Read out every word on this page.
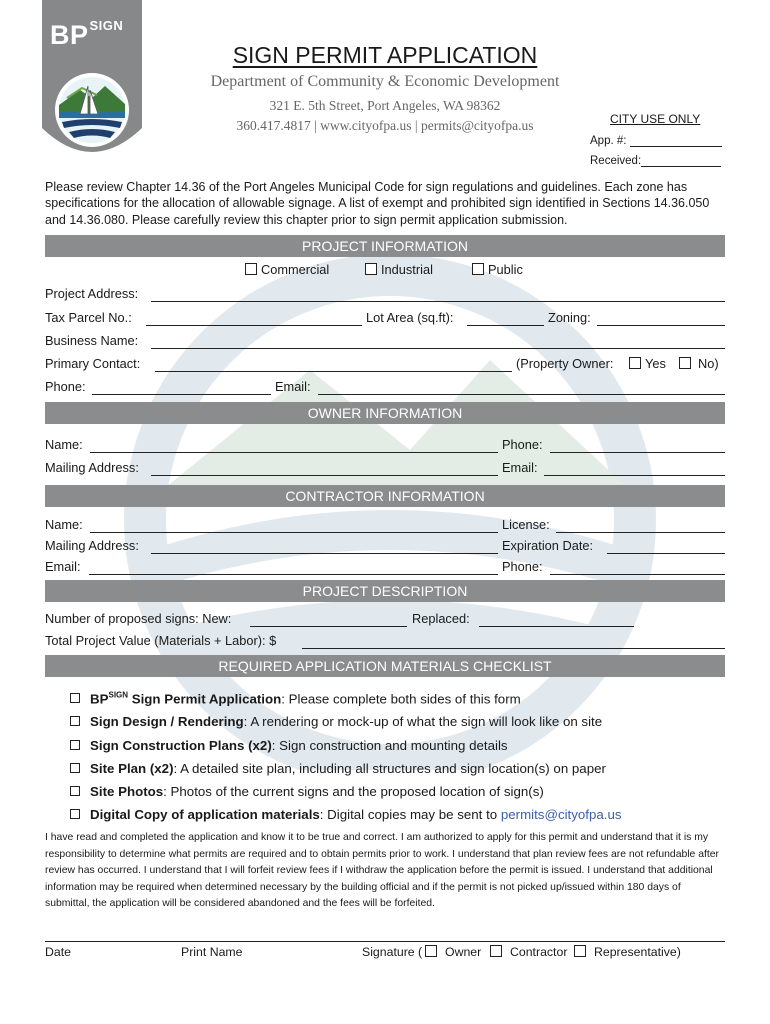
$BP^{SIGN}$
SIGN PERMIT APPLICATION
Department of Community & Economic Development
321 E. 5th Street, Port Angeles, WA 98362
360.417.4817 | www.cityofpa.us | permits@cityofpa.us	CITY USE ONLY
App. #:
Received:
Please review Chapter 14.36 of the Port Angeles Municipal Code for sign regulations and guidelines. Each zone has specifications for the allocation of allowable signage. A list of exempt and prohibited sign identified in Sections 14.36.050 and 14.36.080. Please carefully review this chapter prior to sign permit application submission.
PROJECT INFORMATION
Commercial	Industrial	Public
Project Address:
Tax Parcel No.:	Lot Area (sq.ft):	Zoning:
Business Name:
Primary Contact:	(Property Owner:	Yes	No)
Phone:	Email:
OWNER INFORMATION
Name:	Phone:
Mailing Address:	Email:
CONTRACTOR INFORMATION
Name:	License:
Mailing Address:	Expiration Date:
Email:	Phone:
PROJECT DESCRIPTION
Number of proposed signs: New:	Replaced:
Total Project Value (Materials + Labor): $
REQUIRED APPLICATION MATERIALS CHECKLIST
$BP^{SIGN}$ Sign Permit Application: Please complete both sides of this form
Sign Design / Rendering: A rendering or mock-up of what the sign will look like on site
Sign Construction Plans (x2): Sign construction and mounting details
Site Plan (x2): A detailed site plan, including all structures and sign location(s) on paper
Site Photos: Photos of the current signs and the proposed location of sign(s)
Digital Copy of application materials: Digital copies may be sent to permits@cityofpa.us
I have read and completed the application and know it to be true and correct. I am authorized to apply for this permit and understand that it is my responsibility to determine what permits are required and to obtain permits prior to work. I understand that plan review fees are not refundable after review has occurred. I understand that I will forfeit review fees if I withdraw the application before the permit is issued. I understand that additional information may be required when determined necessary by the building official and if the permit is not picked up/issued within 180 days of submittal, the application will be considered abandoned and the fees will be forfeited.
Date	Print Name	Signature (	Owner	Contractor	Representative)
